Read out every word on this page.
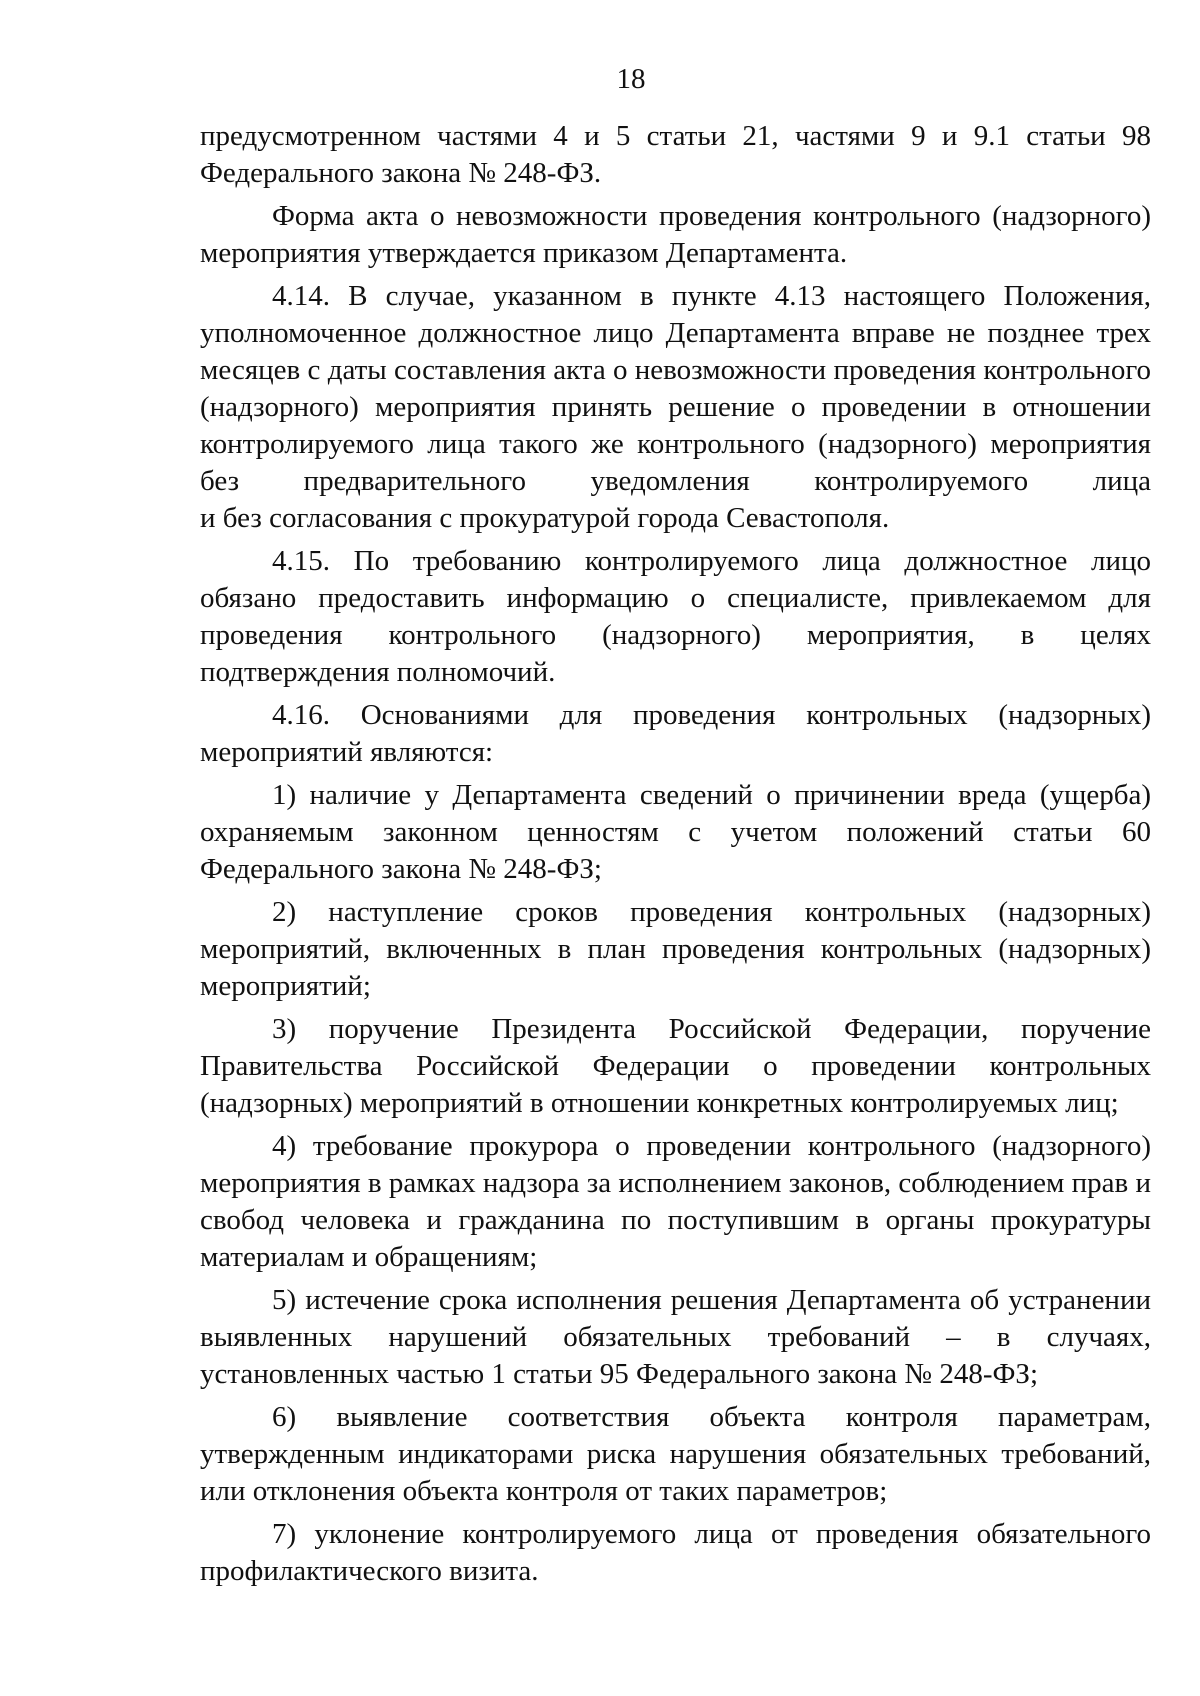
18

предусмотренном частями 4 и 5 статьи 21, частями 9 и 9.1 статьи 98 Федерального закона № 248-ФЗ.

Форма акта о невозможности проведения контрольного (надзорного) мероприятия утверждается приказом Департамента.

4.14. В случае, указанном в пункте 4.13 настоящего Положения, уполномоченное должностное лицо Департамента вправе не позднее трех месяцев с даты составления акта о невозможности проведения контрольного (надзорного) мероприятия принять решение о проведении в отношении контролируемого лица такого же контрольного (надзорного) мероприятия без предварительного уведомления контролируемого лица

и без согласования с прокуратурой города Севастополя.

4.15. По требованию контролируемого лица должностное лицо обязано предоставить информацию о специалисте, привлекаемом для проведения контрольного (надзорного) мероприятия, в целях подтверждения полномочий.

4.16. Основаниями для проведения контрольных (надзорных) мероприятий являются:

1) наличие у Департамента сведений о причинении вреда (ущерба) охраняемым законном ценностям с учетом положений статьи 60 Федерального закона № 248-ФЗ;

2) наступление сроков проведения контрольных (надзорных) мероприятий, включенных в план проведения контрольных (надзорных) мероприятий;

3) поручение Президента Российской Федерации, поручение Правительства Российской Федерации о проведении контрольных (надзорных) мероприятий в отношении конкретных контролируемых лиц;

4) требование прокурора о проведении контрольного (надзорного) мероприятия в рамках надзора за исполнением законов, соблюдением прав и свобод человека и гражданина по поступившим в органы прокуратуры материалам и обращениям;

5) истечение срока исполнения решения Департамента об устранении выявленных нарушений обязательных требований – в случаях, установленных частью 1 статьи 95 Федерального закона № 248-ФЗ;

6) выявление соответствия объекта контроля параметрам, утвержденным индикаторами риска нарушения обязательных требований, или отклонения объекта контроля от таких параметров;

7) уклонение контролируемого лица от проведения обязательного профилактического визита.
